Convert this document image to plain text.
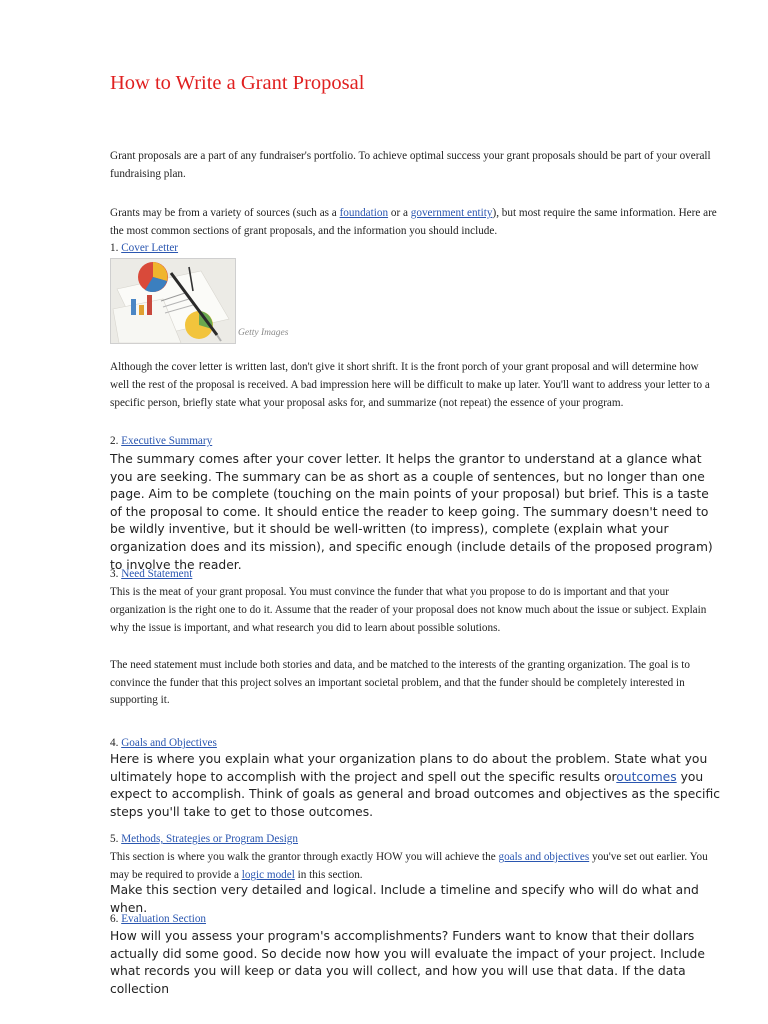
How to Write a Grant Proposal

Grant proposals are a part of any fundraiser's portfolio. To achieve optimal success your grant proposals should be part of your overall fundraising plan.

Grants may be from a variety of sources (such as a foundation or a government entity), but most require the same information. Here are the most common sections of grant proposals, and the information you should include.

1. Cover Letter

Getty Images

Although the cover letter is written last, don't give it short shrift. It is the front porch of your grant proposal and will determine how well the rest of the proposal is received. A bad impression here will be difficult to make up later. You'll want to address your letter to a specific person, briefly state what your proposal asks for, and summarize (not repeat) the essence of your program.

2. Executive Summary

The summary comes after your cover letter. It helps the grantor to understand at a glance what you are seeking. The summary can be as short as a couple of sentences, but no longer than one page. Aim to be complete (touching on the main points of your proposal) but brief. This is a taste of the proposal to come. It should entice the reader to keep going. The summary doesn't need to be wildly inventive, but it should be well-written (to impress), complete (explain what your organization does and its mission), and specific enough (include details of the proposed program) to involve the reader.

3. Need Statement

This is the meat of your grant proposal. You must convince the funder that what you propose to do is important and that your organization is the right one to do it. Assume that the reader of your proposal does not know much about the issue or subject. Explain why the issue is important, and what research you did to learn about possible solutions.

The need statement must include both stories and data, and be matched to the interests of the granting organization. The goal is to convince the funder that this project solves an important societal problem, and that the funder should be completely interested in supporting it.

4. Goals and Objectives

Here is where you explain what your organization plans to do about the problem. State what you ultimately hope to accomplish with the project and spell out the specific results oroutcomes you expect to accomplish. Think of goals as general and broad outcomes and objectives as the specific steps you'll take to get to those outcomes.

5. Methods, Strategies or Program Design

This section is where you walk the grantor through exactly HOW you will achieve the goals and objectives you've set out earlier. You may be required to provide a logic model in this section.

Make this section very detailed and logical. Include a timeline and specify who will do what and when.

6. Evaluation Section

How will you assess your program's accomplishments? Funders want to know that their dollars actually did some good. So decide now how you will evaluate the impact of your project. Include what records you will keep or data you will collect, and how you will use that data. If the data collection
